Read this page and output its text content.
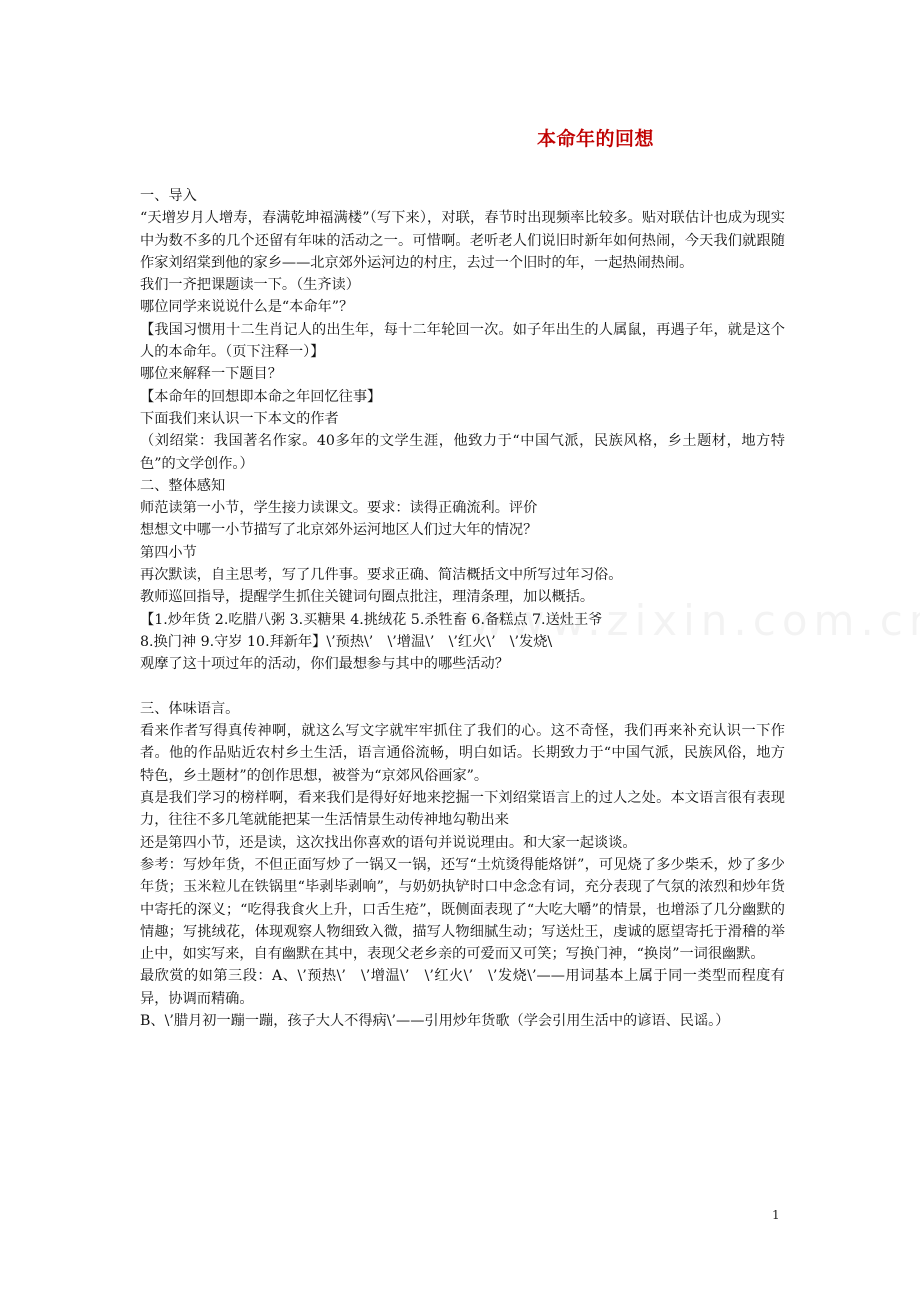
本命年的回想

一、导入

“天增岁月人增寿，春满乾坤福满楼”（写下来），对联，春节时出现频率比较多。贴对联估计也成为现实中为数不多的几个还留有年味的活动之一。可惜啊。老听老人们说旧时新年如何热闹，今天我们就跟随作家刘绍棠到他的家乡——北京郊外运河边的村庄，去过一个旧时的年，一起热闹热闹。

我们一齐把课题读一下。（生齐读）

哪位同学来说说什么是“本命年”？

【我国习惯用十二生肖记人的出生年，每十二年轮回一次。如子年出生的人属鼠，再遇子年，就是这个人的本命年。（页下注释一）】

哪位来解释一下题目？

【本命年的回想即本命之年回忆往事】

下面我们来认识一下本文的作者

（刘绍棠：我国著名作家。40多年的文学生涯，他致力于“中国气派，民族风格，乡土题材，地方特色”的文学创作。）

二、整体感知

师范读第一小节，学生接力读课文。要求：读得正确流利。评价

想想文中哪一小节描写了北京郊外运河地区人们过大年的情况？

第四小节

再次默读，自主思考，写了几件事。要求正确、简洁概括文中所写过年习俗。

教师巡回指导，提醒学生抓住关键词句圈点批注，理清条理，加以概括。

【1.炒年货 2.吃腊八粥 3.买糖果 4.挑绒花 5.杀牲畜 6.备糕点 7.送灶王爷

8.换门神 9.守岁 10.拜新年】\’预热\’　\’增温\’　\’红火\’　\’发烧\

观摩了这十项过年的活动，你们最想参与其中的哪些活动？

三、体味语言。

看来作者写得真传神啊，就这么写文字就牢牢抓住了我们的心。这不奇怪，我们再来补充认识一下作者。他的作品贴近农村乡土生活，语言通俗流畅，明白如话。长期致力于“中国气派，民族风俗，地方特色，乡土题材”的创作思想，被誉为“京郊风俗画家”。

真是我们学习的榜样啊，看来我们是得好好地来挖掘一下刘绍棠语言上的过人之处。本文语言很有表现力，往往不多几笔就能把某一生活情景生动传神地勾勒出来

还是第四小节，还是读，这次找出你喜欢的语句并说说理由。和大家一起谈谈。

参考：写炒年货，不但正面写炒了一锅又一锅，还写“土炕烫得能烙饼”，可见烧了多少柴禾，炒了多少年货；玉米粒儿在铁锅里“毕剥毕剥响”，与奶奶执铲时口中念念有词，充分表现了气氛的浓烈和炒年货中寄托的深义；“吃得我食火上升，口舌生疮”，既侧面表现了“大吃大嚼”的情景，也增添了几分幽默的情趣；写挑绒花，体现观察人物细致入微，描写人物细腻生动；写送灶王，虔诚的愿望寄托于滑稽的举止中，如实写来，自有幽默在其中，表现父老乡亲的可爱而又可笑；写换门神，“换岗”一词很幽默。

最欣赏的如第三段：A、\’预热\’　\’增温\’　\’红火\’　\’发烧\’——用词基本上属于同一类型而程度有异，协调而精确。

B、\’腊月初一蹦一蹦，孩子大人不得病\’——引用炒年货歌（学会引用生活中的谚语、民谣。）

1
